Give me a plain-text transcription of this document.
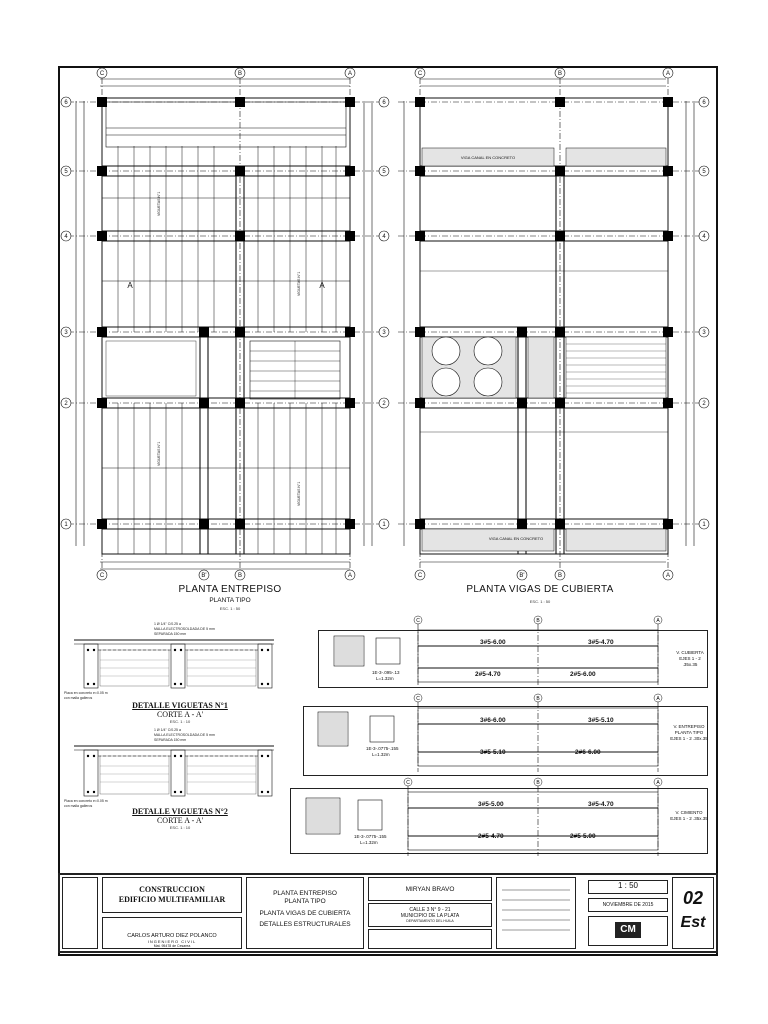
C	B	A
C	B'	B	A
6
5
4
3
2
1
6
5
4
3
2
1
A	A
VIGUETAS N°1
VIGUETAS N°1
VIGUETAS N°1
VIGUETAS N°1
PLANTA ENTREPISO
PLANTA TIPO
ESC. 1 : 50
C	B	A
C	B'	B	A
6
5
4
3
2
1
VIGA CANAL EN CONCRETO
VIGA CANAL EN CONCRETO
PLANTA VIGAS DE CUBIERTA
ESC. 1 : 50
1 Ø 1/4" C/0.25 a
MALLA ELECTROSOLDADA DE 5 mm
SEPARADA 150 mm
Placa en concreto e=0.05 m
con malla galleros
DETALLE VIGUETAS N°1
CORTE A - A'
ESC. 1 : 10
1 Ø 1/4" C/0.25 a
MALLA ELECTROSOLDADA DE 5 mm
SEPARADA 150 mm
Placa en concreto e=0.05 m
con malla galleros
DETALLE VIGUETAS N°2
CORTE A - A'
ESC. 1 : 10
C	B	A
C	B	A
C	B	A
3#5-6.00	3#5-4.70
2#5-4.70	2#5-6.00
3#6-6.00	3#5-5.10
3#5-5.10	2#6-6.00
3#5-5.00	3#5-4.70
2#5-4.70	2#5-5.00
1E-3-.095-.13
L=1.32m
1E-3-.0775-.155
L=1.32m
1E-3-.0775-.155
L=1.32m
V. CUBIERTA EJES 1 - 2 .35x.35
V. ENTREPISO PLANTA TIPO EJES 1 - 2 .30x.35
V. CIMIENTO EJES 1 - 2 .35x.35
CONSTRUCCION
EDIFICIO MULTIFAMILIAR
CARLOS ARTURO DIEZ POLANCO
INGENIERO CIVIL
Mat. 95478 de Cesarea
PLANTA ENTREPISO
PLANTA TIPO
PLANTA VIGAS DE CUBIERTA
DETALLES ESTRUCTURALES
MIRYAN BRAVO
CALLE 3 N° 9 - 21
MUNICIPIO DE LA PLATA
DEPARTAMENTO DEL HUILA
1 : 50
NOVIEMBRE DE 2015
CM
02
Est
